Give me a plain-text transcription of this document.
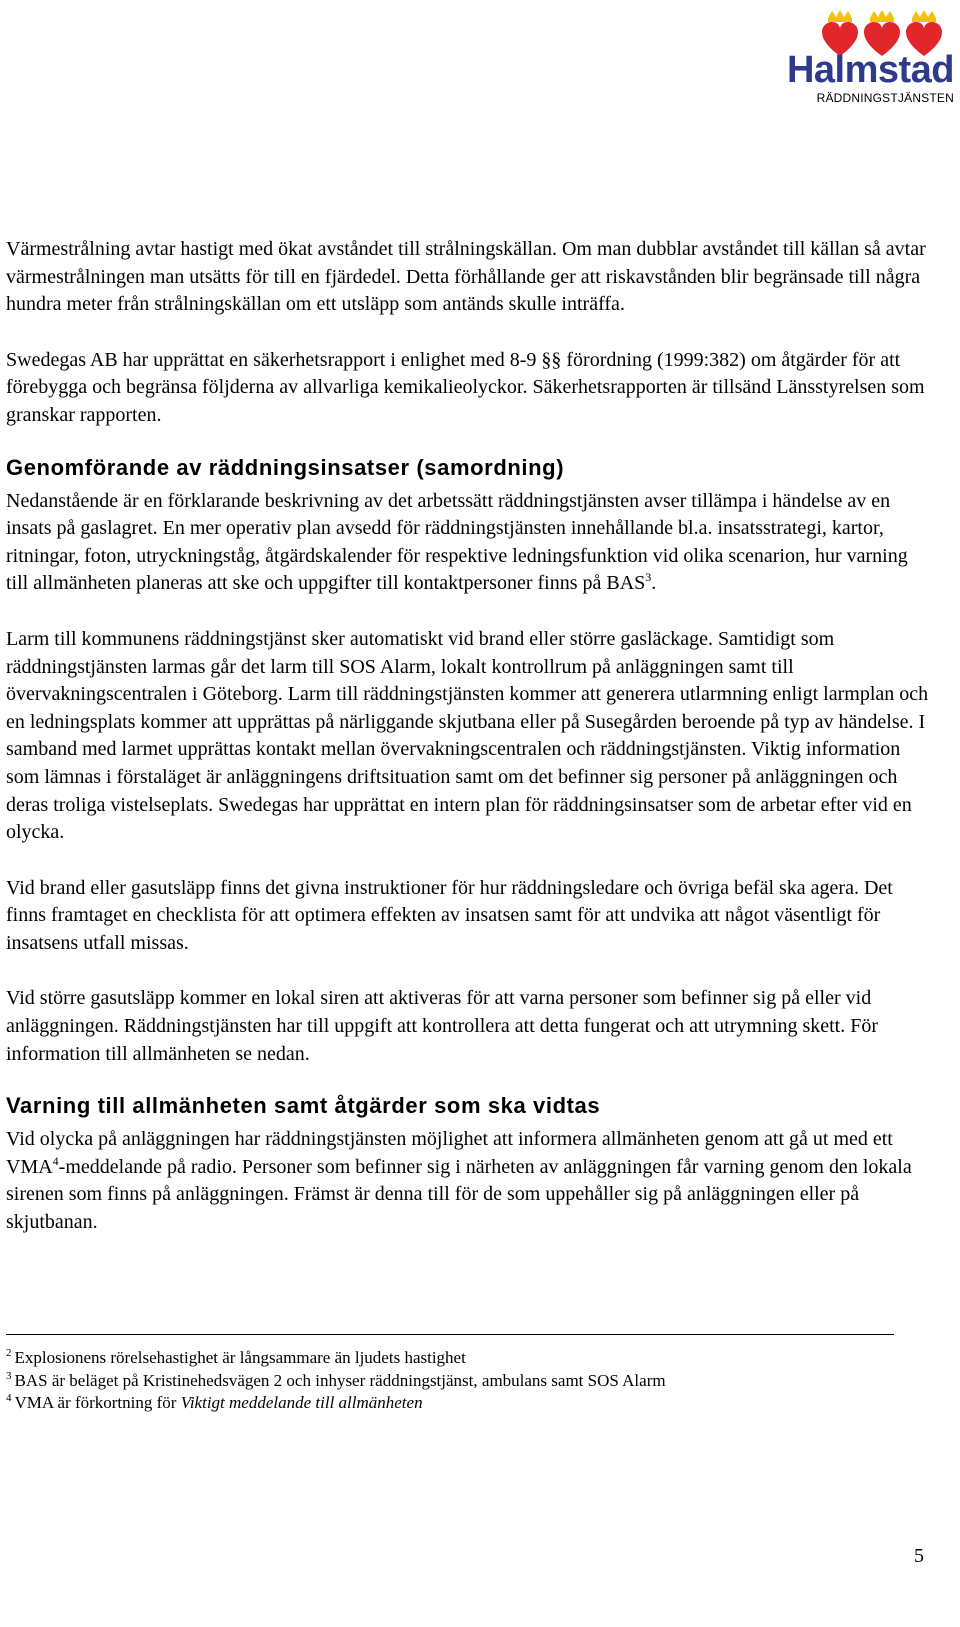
Halmstad
RÄDDNINGSTJÄNSTEN

Värmestrålning avtar hastigt med ökat avståndet till strålningskällan. Om man dubblar avståndet till källan så avtar värmestrålningen man utsätts för till en fjärdedel. Detta förhållande ger att riskavstånden blir begränsade till några hundra meter från strålningskällan om ett utsläpp som antänds skulle inträffa.

Swedegas AB har upprättat en säkerhetsrapport i enlighet med 8-9 §§ förordning (1999:382) om åtgärder för att förebygga och begränsa följderna av allvarliga kemikalieolyckor. Säkerhetsrapporten är tillsänd Länsstyrelsen som granskar rapporten.

Genomförande av räddningsinsatser (samordning)

Nedanstående är en förklarande beskrivning av det arbetssätt räddningstjänsten avser tillämpa i händelse av en insats på gaslagret. En mer operativ plan avsedd för räddningstjänsten innehållande bl.a. insatsstrategi, kartor, ritningar, foton, utryckningståg, åtgärdskalender för respektive ledningsfunktion vid olika scenarion, hur varning till allmänheten planeras att ske och uppgifter till kontaktpersoner finns på BAS$^3$.

Larm till kommunens räddningstjänst sker automatiskt vid brand eller större gasläckage. Samtidigt som räddningstjänsten larmas går det larm till SOS Alarm, lokalt kontrollrum på anläggningen samt till övervakningscentralen i Göteborg. Larm till räddningstjänsten kommer att generera utlarmning enligt larmplan och en ledningsplats kommer att upprättas på närliggande skjutbana eller på Susegården beroende på typ av händelse. I samband med larmet upprättas kontakt mellan övervakningscentralen och räddningstjänsten. Viktig information som lämnas i förstaläget är anläggningens driftsituation samt om det befinner sig personer på anläggningen och deras troliga vistelseplats. Swedegas har upprättat en intern plan för räddningsinsatser som de arbetar efter vid en olycka.

Vid brand eller gasutsläpp finns det givna instruktioner för hur räddningsledare och övriga befäl ska agera. Det finns framtaget en checklista för att optimera effekten av insatsen samt för att undvika att något väsentligt för insatsens utfall missas.

Vid större gasutsläpp kommer en lokal siren att aktiveras för att varna personer som befinner sig på eller vid anläggningen. Räddningstjänsten har till uppgift att kontrollera att detta fungerat och att utrymning skett. För information till allmänheten se nedan.

Varning till allmänheten samt åtgärder som ska vidtas

Vid olycka på anläggningen har räddningstjänsten möjlighet att informera allmänheten genom att gå ut med ett VMA$^4$-meddelande på radio. Personer som befinner sig i närheten av anläggningen får varning genom den lokala sirenen som finns på anläggningen. Främst är denna till för de som uppehåller sig på anläggningen eller på skjutbanan.

$^2$ Explosionens rörelsehastighet är långsammare än ljudets hastighet
$^3$ BAS är beläget på Kristinehedsvägen 2 och inhyser räddningstjänst, ambulans samt SOS Alarm
$^4$ VMA är förkortning för Viktigt meddelande till allmänheten
5
